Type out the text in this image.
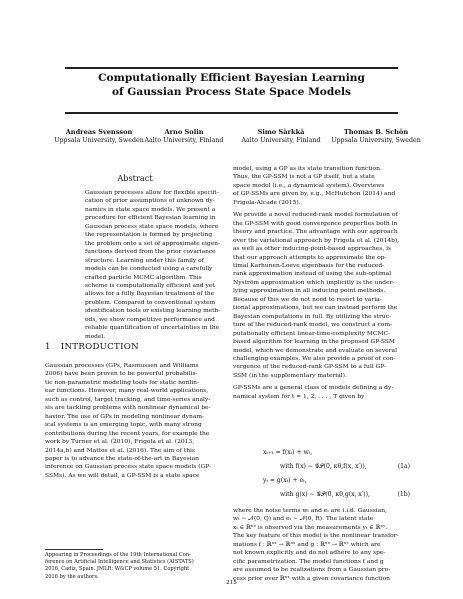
Computationally Efficient Bayesian Learning
of Gaussian Process State Space Models
Andreas Svensson
Uppsala University, Sweden
Arno Solin
Aalto University, Finland
Simo Särkkä
Aalto University, Finland
Thomas B. Schön
Uppsala University, Sweden
Abstract
Gaussian processes allow for flexible specifi-
cation of prior assumptions of unknown dy-
namics in state space models. We present a
procedure for efficient Bayesian learning in
Gaussian process state space models, where
the representation is formed by projecting
the problem onto a set of approximate eigen-
functions derived from the prior covariance
structure. Learning under this family of
models can be conducted using a carefully
crafted particle MCMC algorithm. This
scheme is computationally efficient and yet
allows for a fully Bayesian treatment of the
problem. Compared to conventional system
identification tools or existing learning meth-
ods, we show competitive performance and
reliable quantification of uncertainties in the
model.
1 INTRODUCTION
Gaussian processes (GPs, Rasmussen and Williams
2006) have been proven to be powerful probabilis-
tic non-parametric modeling tools for static nonlin-
ear functions. However, many real-world applications,
such as control, target tracking, and time-series analy-
sis are tackling problems with nonlinear dynamical be-
havior. The use of GPs in modeling nonlinear dynam-
ical systems is an emerging topic, with many strong
contributions during the recent years, for example the
work by Turner et al. (2010), Frigola et al. (2013,
2014a,b) and Mattos et al. (2016). The aim of this
paper is to advance the state-of-the-art in Bayesian
inference on Gaussian process state space models (GP-
SSMs). As we will detail, a GP-SSM is a state space
model, using a GP as its state transition function.
Thus, the GP-SSM is not a GP itself, but a state
space model (i.e., a dynamical system). Overviews
of GP-SSMs are given by, e.g., McHutchon (2014) and
Frigola-Alcade (2015).
We provide a novel reduced-rank model formulation of
the GP-SSM with good convergence properties both in
theory and practice. The advantage with our approach
over the variational approach by Frigola et al. (2014b),
as well as other inducing-point-based approaches, is
that our approach attempts to approximate the op-
timal Karhunen-Loeve eigenbasis for the reduced-
rank approximation instead of using the sub-optimal
Nyström approximation which implicitly is the under-
lying approximation in all inducing point methods.
Because of this we do not need to resort to varia-
tional approximations, but we can instead perform the
Bayesian computations in full. By utilizing the struc-
ture of the reduced-rank model, we construct a com-
putationally efficient linear-time-complexity MCMC-
based algorithm for learning in the proposed GP-SSM
model, which we demonstrate and evaluate on several
challenging examples. We also provide a proof of con-
vergence of the reduced-rank GP-SSM to a full GP-
SSM (in the supplementary material).
GP-SSMs are a general class of models defining a dy-
namical system for t = 1, 2, . . . , T given by
xₜ₊₁ = f(xₜ) + wₜ,
with f(x) ∼ 𝒢𝒫(0, κθ,f(x, x′)),	(1a)
yₜ = g(xₜ) + eₜ,
with g(x) ∼ 𝒢𝒫(0, κθ,g(x, x′)),	(1b)
where the noise terms wₜ and eₜ are i.i.d. Gaussian,
wₜ ∼ 𝒩(0, Q) and eₜ ∼ 𝒩(0, R). The latent state
xₜ ∈ ℝⁿˣ is observed via the measurements yₜ ∈ ℝⁿʸ.
The key feature of this model is the nonlinear transfor-
mations f : ℝⁿˣ → ℝⁿˣ and g : ℝⁿˣ → ℝⁿʸ which are
not known explicitly and do not adhere to any spe-
cific parametrization. The model functions f and g
are assumed to be realizations from a Gaussian pro-
cess prior over ℝⁿˣ with a given covariance function
Appearing in Proceedings of the 19th International Con-
ference on Artificial Intelligence and Statistics (AISTATS)
2016, Cadiz, Spain. JMLR: W&CP volume 51. Copyright
2016 by the authors.
215
